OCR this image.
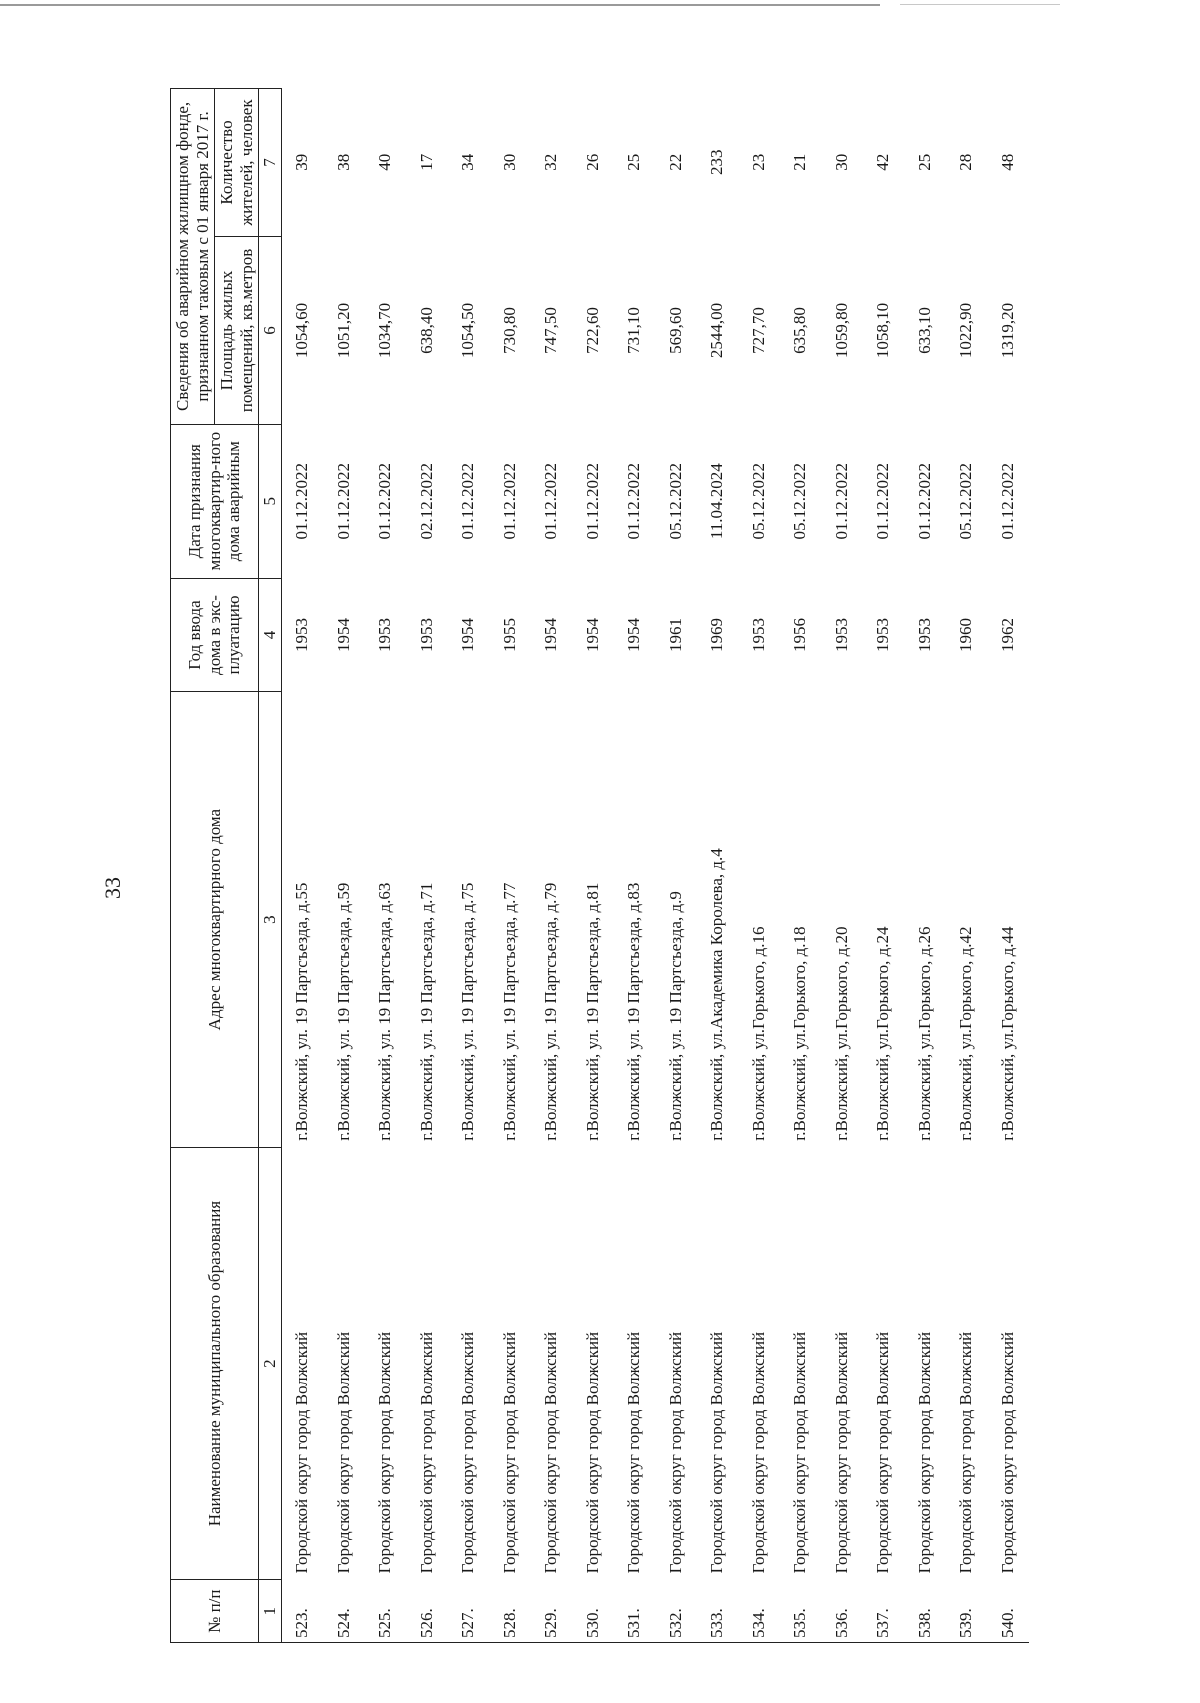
33
№ п/п	Наименование муниципального образования	Адрес многоквартирного дома	Год ввода дома в экс-плуатацию	Дата признания многоквартир-ного дома аварийным	Сведения об аварийном жилищном фонде, признанном таковым с 01 января 2017 г.	
					Площадь жилых помещений, кв.метров	Количество жителей, человек
1	2	3	4	5	6	7
523.	Городской округ город Волжский	г.Волжский, ул. 19 Партсъезда, д.55	1953	01.12.2022	1054,60	39
524.	Городской округ город Волжский	г.Волжский, ул. 19 Партсъезда, д.59	1954	01.12.2022	1051,20	38
525.	Городской округ город Волжский	г.Волжский, ул. 19 Партсъезда, д.63	1953	01.12.2022	1034,70	40
526.	Городской округ город Волжский	г.Волжский, ул. 19 Партсъезда, д.71	1953	02.12.2022	638,40	17
527.	Городской округ город Волжский	г.Волжский, ул. 19 Партсъезда, д.75	1954	01.12.2022	1054,50	34
528.	Городской округ город Волжский	г.Волжский, ул. 19 Партсъезда, д.77	1955	01.12.2022	730,80	30
529.	Городской округ город Волжский	г.Волжский, ул. 19 Партсъезда, д.79	1954	01.12.2022	747,50	32
530.	Городской округ город Волжский	г.Волжский, ул. 19 Партсъезда, д.81	1954	01.12.2022	722,60	26
531.	Городской округ город Волжский	г.Волжский, ул. 19 Партсъезда, д.83	1954	01.12.2022	731,10	25
532.	Городской округ город Волжский	г.Волжский, ул. 19 Партсъезда, д.9	1961	05.12.2022	569,60	22
533.	Городской округ город Волжский	г.Волжский, ул.Академика Королева, д.4	1969	11.04.2024	2544,00	233
534.	Городской округ город Волжский	г.Волжский, ул.Горького, д.16	1953	05.12.2022	727,70	23
535.	Городской округ город Волжский	г.Волжский, ул.Горького, д.18	1956	05.12.2022	635,80	21
536.	Городской округ город Волжский	г.Волжский, ул.Горького, д.20	1953	01.12.2022	1059,80	30
537.	Городской округ город Волжский	г.Волжский, ул.Горького, д.24	1953	01.12.2022	1058,10	42
538.	Городской округ город Волжский	г.Волжский, ул.Горького, д.26	1953	01.12.2022	633,10	25
539.	Городской округ город Волжский	г.Волжский, ул.Горького, д.42	1960	05.12.2022	1022,90	28
540.	Городской округ город Волжский	г.Волжский, ул.Горького, д.44	1962	01.12.2022	1319,20	48
